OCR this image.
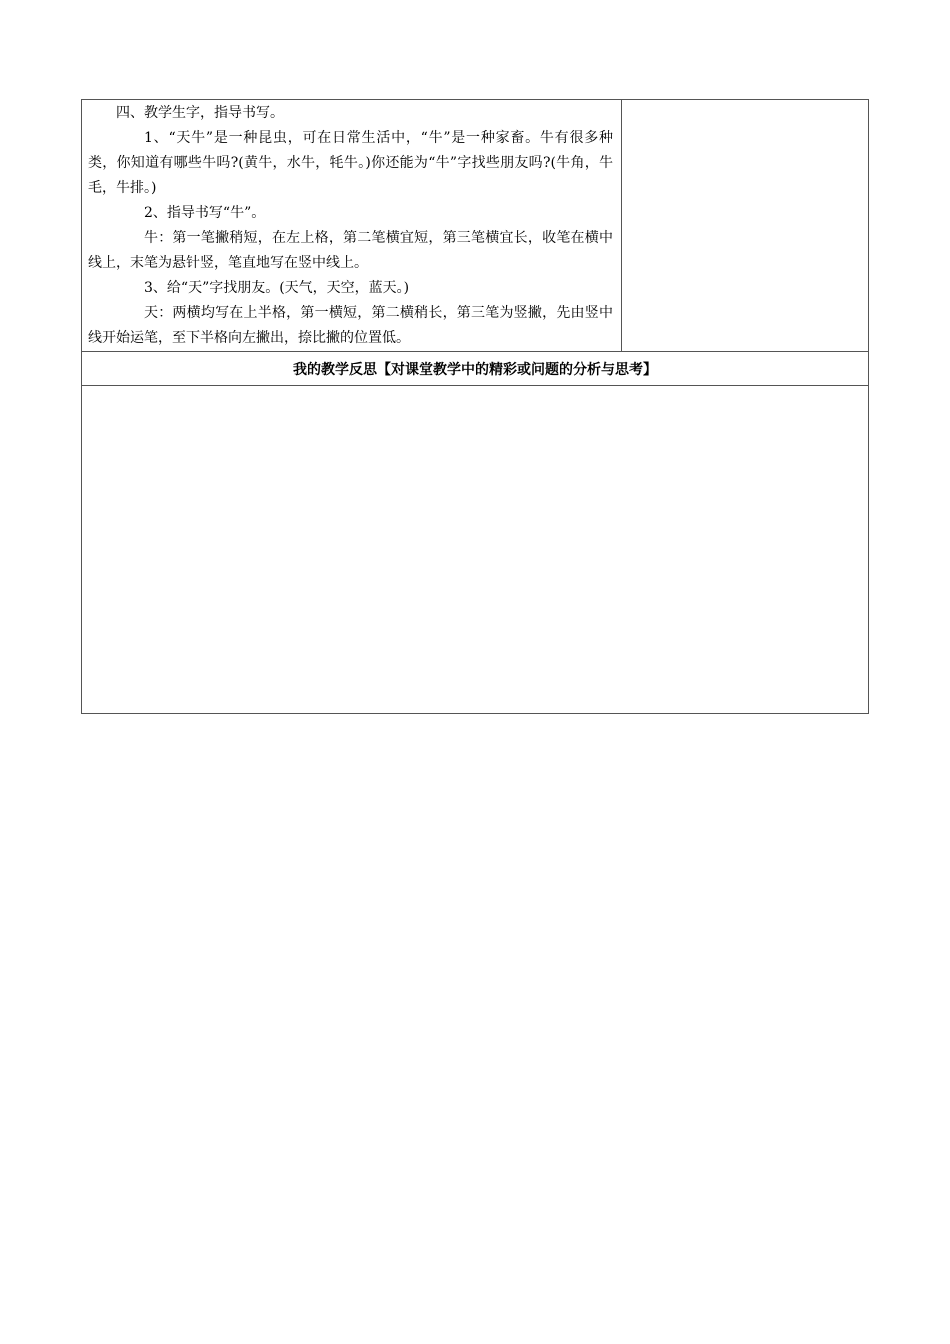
四、教学生字，指导书写。

1、“天牛”是一种昆虫，可在日常生活中，“牛”是一种家畜。牛有很多种类，你知道有哪些牛吗?(黄牛，水牛，牦牛。)你还能为“牛”字找些朋友吗?(牛角，牛毛，牛排。)

2、指导书写“牛”。

牛：第一笔撇稍短，在左上格，第二笔横宜短，第三笔横宜长，收笔在横中线上，末笔为悬针竖，笔直地写在竖中线上。

3、给“天”字找朋友。(天气，天空，蓝天。)

天：两横均写在上半格，第一横短，第二横稍长，第三笔为竖撇，先由竖中线开始运笔，至下半格向左撇出，捺比撇的位置低。

我的教学反思【对课堂教学中的精彩或问题的分析与思考】
